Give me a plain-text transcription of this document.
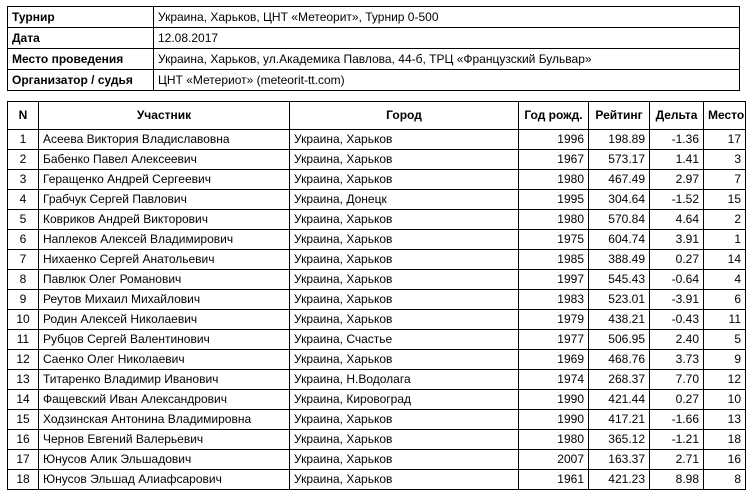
Турнир	Украина, Харьков, ЦНТ «Метеорит», Турнир 0-500
Дата	12.08.2017
Место проведения	Украина, Харьков, ул.Академика Павлова, 44-б, ТРЦ «Французский Бульвар»
Организатор / судья	ЦНТ «Метериот» (meteorit-tt.com)
N	Участник	Город	Год рожд.	Рейтинг	Дельта	Место
1	Асеева Виктория Владиславовна	Украина, Харьков	1996	198.89	-1.36	17
2	Бабенко Павел Алексеевич	Украина, Харьков	1967	573.17	1.41	3
3	Геращенко Андрей Сергеевич	Украина, Харьков	1980	467.49	2.97	7
4	Грабчук Сергей Павлович	Украина, Донецк	1995	304.64	-1.52	15
5	Ковриков Андрей Викторович	Украина, Харьков	1980	570.84	4.64	2
6	Наплеков Алексей Владимирович	Украина, Харьков	1975	604.74	3.91	1
7	Нихаенко Сергей Анатольевич	Украина, Харьков	1985	388.49	0.27	14
8	Павлюк Олег Романович	Украина, Харьков	1997	545.43	-0.64	4
9	Реутов Михаил Михайлович	Украина, Харьков	1983	523.01	-3.91	6
10	Родин Алексей Николаевич	Украина, Харьков	1979	438.21	-0.43	11
11	Рубцов Сергей Валентинович	Украина, Счастье	1977	506.95	2.40	5
12	Саенко Олег Николаевич	Украина, Харьков	1969	468.76	3.73	9
13	Титаренко Владимир Иванович	Украина, Н.Водолага	1974	268.37	7.70	12
14	Фащевский Иван Александрович	Украина, Кировоград	1990	421.44	0.27	10
15	Ходзинская Антонина Владимировна	Украина, Харьков	1990	417.21	-1.66	13
16	Чернов Евгений Валерьевич	Украина, Харьков	1980	365.12	-1.21	18
17	Юнусов Алик Эльшадович	Украина, Харьков	2007	163.37	2.71	16
18	Юнусов Эльшад Алиафсарович	Украина, Харьков	1961	421.23	8.98	8
